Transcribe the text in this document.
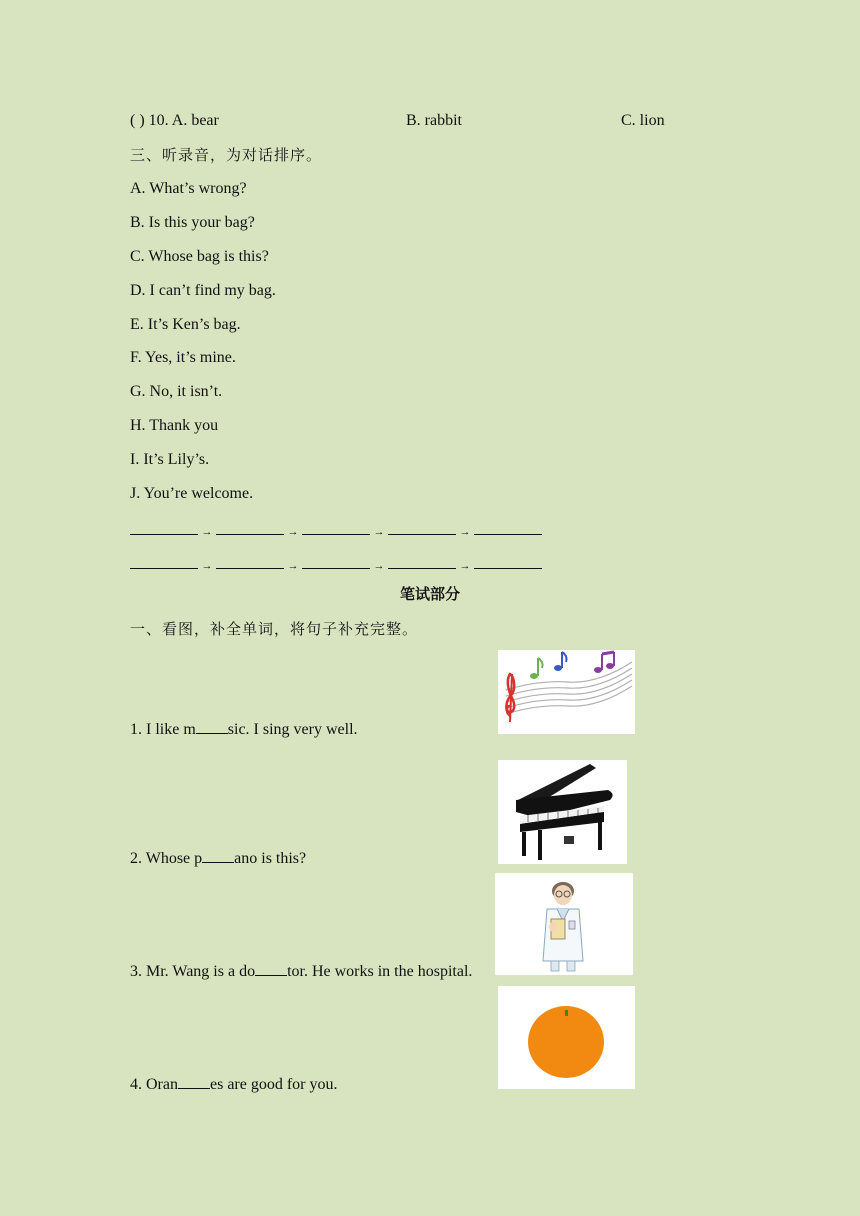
( ) 10. A. bear	B. rabbit	C. lion
三、听录音，为对话排序。
A. What’s wrong?
B. Is this your bag?
C. Whose bag is this?
D. I can’t find my bag.
E. It’s Ken’s bag.
F. Yes, it’s mine.
G. No, it isn’t.
H. Thank you
I. It’s Lily’s.
J. You’re welcome.
→	→	→	→
→	→	→	→
笔试部分
一、看图，补全单词，将句子补充完整。
1. I like m sic. I sing very well.
2. Whose p ano is this?
3. Mr. Wang is a do tor. He works in the hospital.
4. Oran es are good for you.
